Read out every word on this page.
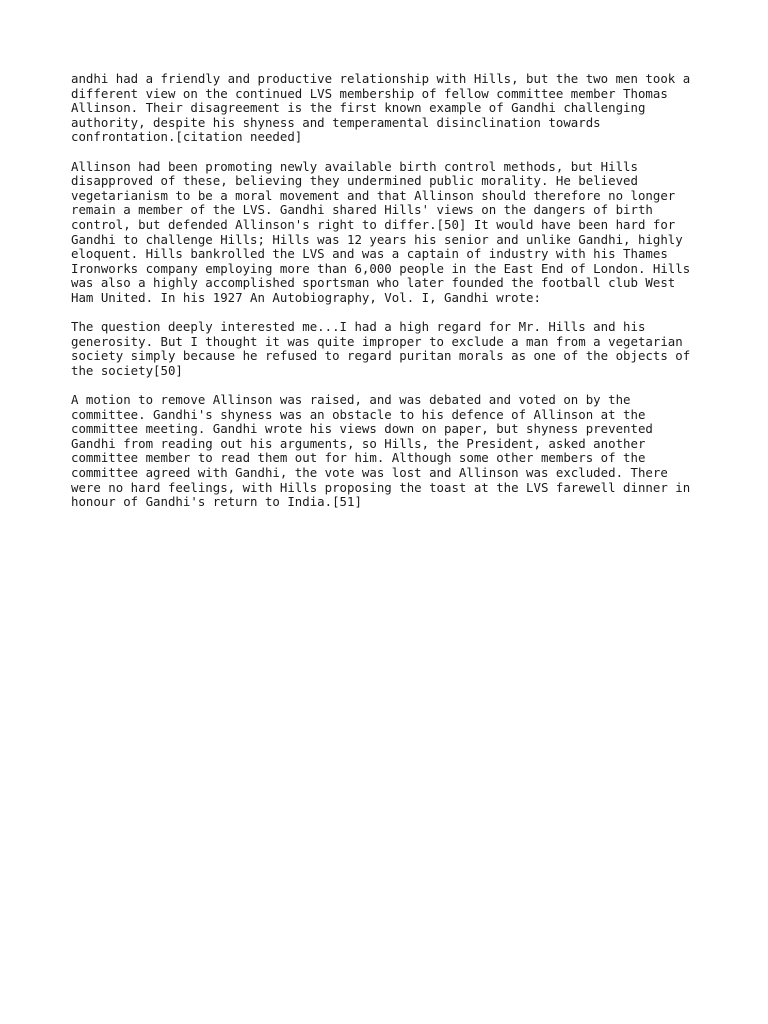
andhi had a friendly and productive relationship with Hills, but the two men took a
different view on the continued LVS membership of fellow committee member Thomas
Allinson. Their disagreement is the first known example of Gandhi challenging
authority, despite his shyness and temperamental disinclination towards
confrontation.[citation needed]

Allinson had been promoting newly available birth control methods, but Hills
disapproved of these, believing they undermined public morality. He believed
vegetarianism to be a moral movement and that Allinson should therefore no longer
remain a member of the LVS. Gandhi shared Hills' views on the dangers of birth
control, but defended Allinson's right to differ.[50] It would have been hard for
Gandhi to challenge Hills; Hills was 12 years his senior and unlike Gandhi, highly
eloquent. Hills bankrolled the LVS and was a captain of industry with his Thames
Ironworks company employing more than 6,000 people in the East End of London. Hills
was also a highly accomplished sportsman who later founded the football club West
Ham United. In his 1927 An Autobiography, Vol. I, Gandhi wrote:

The question deeply interested me...I had a high regard for Mr. Hills and his
generosity. But I thought it was quite improper to exclude a man from a vegetarian
society simply because he refused to regard puritan morals as one of the objects of
the society[50]

A motion to remove Allinson was raised, and was debated and voted on by the
committee. Gandhi's shyness was an obstacle to his defence of Allinson at the
committee meeting. Gandhi wrote his views down on paper, but shyness prevented
Gandhi from reading out his arguments, so Hills, the President, asked another
committee member to read them out for him. Although some other members of the
committee agreed with Gandhi, the vote was lost and Allinson was excluded. There
were no hard feelings, with Hills proposing the toast at the LVS farewell dinner in
honour of Gandhi's return to India.[51]
